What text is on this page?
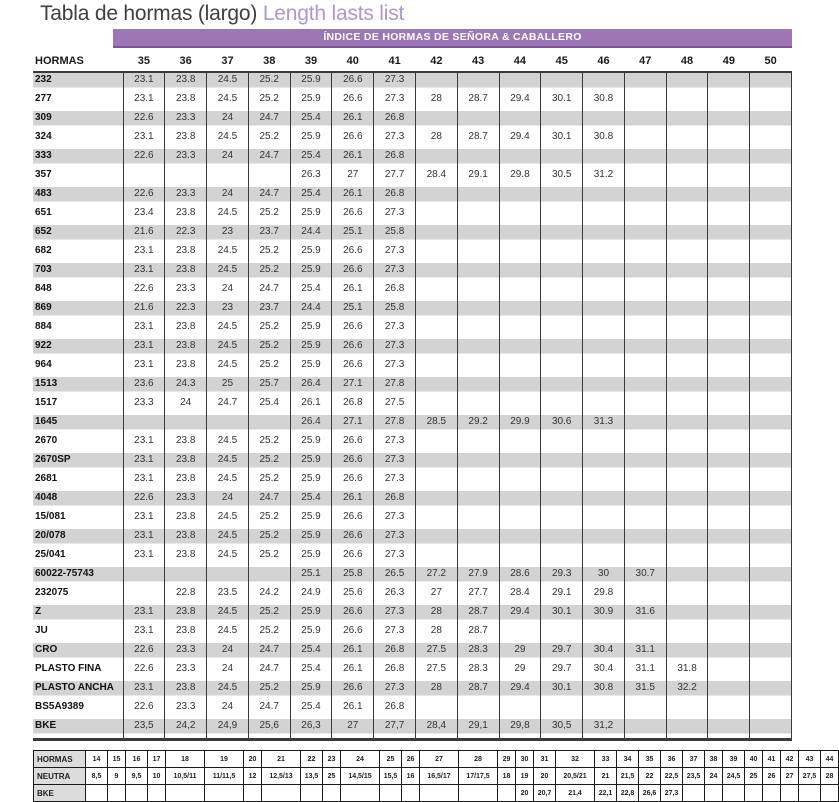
Tabla de hormas (largo) Length lasts list
ÍNDICE DE HORMAS DE SEÑORA & CABALLERO
HORMAS	35	36	37	38	39	40	41	42	43	44	45	46	47	48	49	50
232	23.1	23.8	24.5	25.2	25.9	26.6	27.3									
277	23.1	23.8	24.5	25.2	25.9	26.6	27.3	28	28.7	29.4	30.1	30.8				
309	22.6	23.3	24	24.7	25.4	26.1	26.8									
324	23.1	23.8	24.5	25.2	25.9	26.6	27.3	28	28.7	29.4	30.1	30.8				
333	22.6	23.3	24	24.7	25.4	26.1	26.8									
357					26.3	27	27.7	28.4	29.1	29.8	30.5	31.2				
483	22.6	23.3	24	24.7	25.4	26.1	26.8									
651	23.4	23.8	24.5	25.2	25.9	26.6	27.3									
652	21.6	22.3	23	23.7	24.4	25.1	25.8									
682	23.1	23.8	24.5	25.2	25.9	26.6	27.3									
703	23.1	23.8	24.5	25.2	25.9	26.6	27.3									
848	22.6	23.3	24	24.7	25.4	26.1	26.8									
869	21.6	22.3	23	23.7	24.4	25.1	25.8									
884	23.1	23.8	24.5	25.2	25.9	26.6	27.3									
922	23.1	23.8	24.5	25.2	25.9	26.6	27.3									
964	23.1	23.8	24.5	25.2	25.9	26.6	27.3									
1513	23.6	24.3	25	25.7	26.4	27.1	27.8									
1517	23.3	24	24.7	25.4	26.1	26.8	27.5									
1645					26.4	27.1	27.8	28.5	29.2	29.9	30.6	31.3				
2670	23.1	23.8	24.5	25.2	25.9	26.6	27.3									
2670SP	23.1	23.8	24.5	25.2	25.9	26.6	27.3									
2681	23.1	23.8	24.5	25.2	25.9	26.6	27.3									
4048	22.6	23.3	24	24.7	25.4	26.1	26.8									
15/081	23.1	23.8	24.5	25.2	25.9	26.6	27.3									
20/078	23.1	23.8	24.5	25.2	25.9	26.6	27.3									
25/041	23.1	23.8	24.5	25.2	25.9	26.6	27.3									
60022-75743					25.1	25.8	26.5	27.2	27.9	28.6	29.3	30	30.7			
232075		22.8	23.5	24.2	24.9	25.6	26.3	27	27.7	28.4	29.1	29.8				
Z	23.1	23.8	24.5	25.2	25.9	26.6	27.3	28	28.7	29.4	30.1	30.9	31.6			
JU	23.1	23.8	24.5	25.2	25.9	26.6	27.3	28	28.7							
CRO	22.6	23.3	24	24.7	25.4	26.1	26.8	27.5	28.3	29	29.7	30.4	31.1			
PLASTO FINA	22.6	23.3	24	24.7	25.4	26.1	26.8	27.5	28.3	29	29.7	30.4	31.1	31.8		
PLASTO ANCHA	23.1	23.8	24.5	25.2	25.9	26.6	27.3	28	28.7	29.4	30.1	30.8	31.5	32.2		
BS5A9389	22.6	23.3	24	24.7	25.4	26.1	26.8									
BKE	23,5	24,2	24,9	25,6	26,3	27	27,7	28,4	29,1	29,8	30,5	31,2				
HORMAS	14	15	16	17	18	19	20	21	22	23	24	25	26	27	28	29	30	31	32	33	34	35	36	37	38	39	40	41	42	43	44
NEUTRA	8,5	9	9,5	10	10,5/11	11/11,5	12	12,5/13	13,5	25	14,5/15	15,5	16	16,5/17	17/17,5	18	19	20	20,5/21	21	21,5	22	22,5	23,5	24	24,5	25	26	27	27,5	28
BKE																	20	20,7	21,4	22,1	22,8	26,6	27,3								
